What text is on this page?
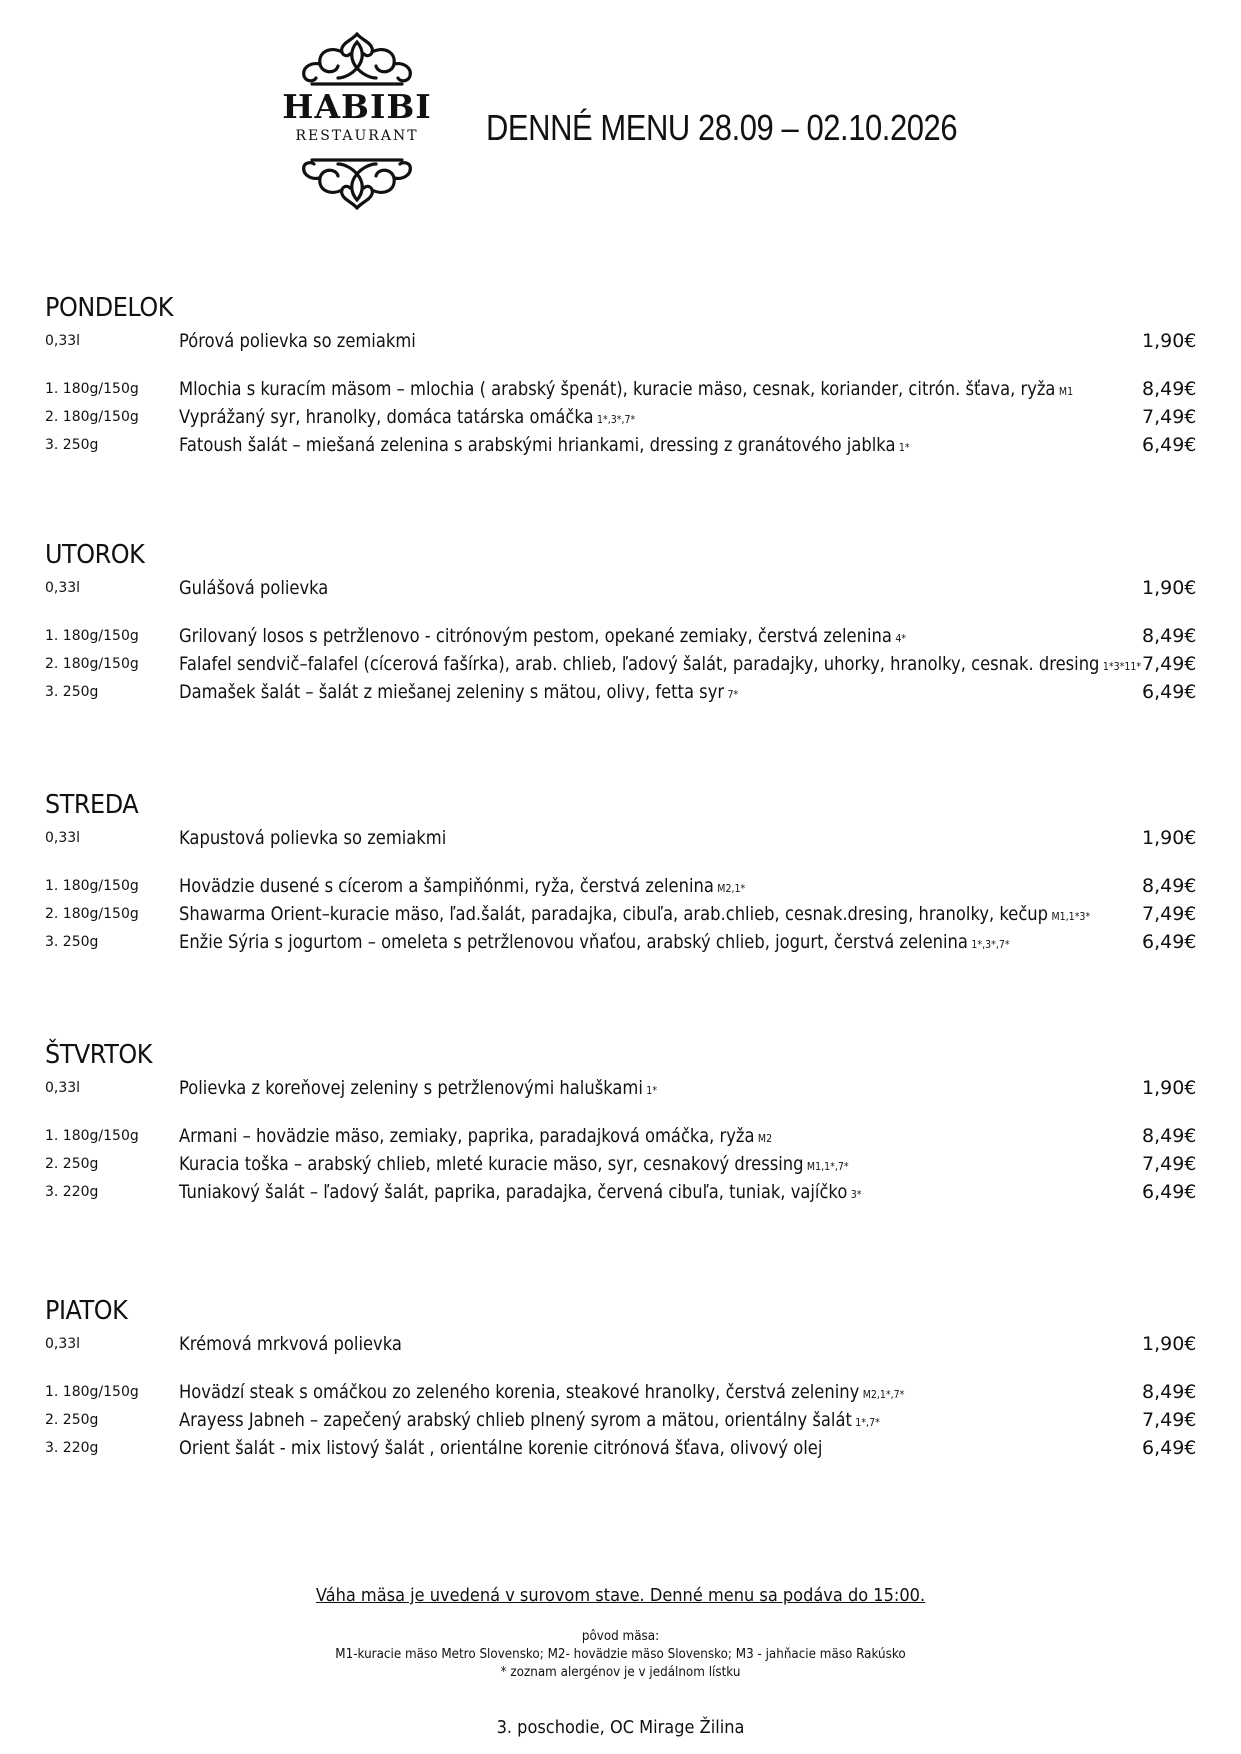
HABIBI
RESTAURANT	DENNÉ MENU 28.09 – 02.10.2026
PONDELOK
0,33l	Pórová polievka so zemiakmi	1,90€
1. 180g/150g Mlochia s kuracím mäsom – mlochia ( arabský špenát), kuracie mäso, cesnak, koriander, citrón. šťava, ryža M1	8,49€
2. 180g/150g Vyprážaný syr, hranolky, domáca tatárska omáčka 1*,3*,7*	7,49€
3. 250g	Fatoush šalát – miešaná zelenina s arabskými hriankami, dressing z granátového jablka 1*	6,49€
UTOROK
0,33l	Gulášová polievka	1,90€
1. 180g/150g Grilovaný losos s petržlenovo - citrónovým pestom, opekané zemiaky, čerstvá zelenina 4*	8,49€
2. 180g/150g Falafel sendvič–falafel (cícerová fašírka), arab. chlieb, ľadový šalát, paradajky, uhorky, hranolky, cesnak. dresing 1*3*11* 7,49€
3. 250g	Damašek šalát – šalát z miešanej zeleniny s mätou, olivy, fetta syr 7*	6,49€
STREDA
0,33l	Kapustová polievka so zemiakmi	1,90€
1. 180g/150g Hovädzie dusené s cícerom a šampiňónmi, ryža, čerstvá zelenina M2,1*	8,49€
2. 180g/150g Shawarma Orient–kuracie mäso, ľad.šalát, paradajka, cibuľa, arab.chlieb, cesnak.dresing, hranolky, kečup M1,1*3*	7,49€
3. 250g	Enžie Sýria s jogurtom – omeleta s petržlenovou vňaťou, arabský chlieb, jogurt, čerstvá zelenina 1*,3*,7*	6,49€
ŠTVRTOK
0,33l	Polievka z koreňovej zeleniny s petržlenovými haluškami 1*	1,90€
1. 180g/150g Armani – hovädzie mäso, zemiaky, paprika, paradajková omáčka, ryža M2	8,49€
2. 250g	Kuracia toška – arabský chlieb, mleté kuracie mäso, syr, cesnakový dressing M1,1*,7*	7,49€
3. 220g	Tuniakový šalát – ľadový šalát, paprika, paradajka, červená cibuľa, tuniak, vajíčko 3*	6,49€
PIATOK
0,33l	Krémová mrkvová polievka	1,90€
1. 180g/150g Hovädzí steak s omáčkou zo zeleného korenia, steakové hranolky, čerstvá zeleniny M2,1*,7*	8,49€
2. 250g	Arayess Jabneh – zapečený arabský chlieb plnený syrom a mätou, orientálny šalát 1*,7*	7,49€
3. 220g	Orient šalát - mix listový šalát , orientálne korenie citrónová šťava, olivový olej	6,49€
Váha mäsa je uvedená v surovom stave. Denné menu sa podáva do 15:00.
pôvod mäsa:
M1-kuracie mäso Metro Slovensko; M2- hovädzie mäso Slovensko; M3 - jahňacie mäso Rakúsko
* zoznam alergénov je v jedálnom lístku
3. poschodie, OC Mirage Žilina
